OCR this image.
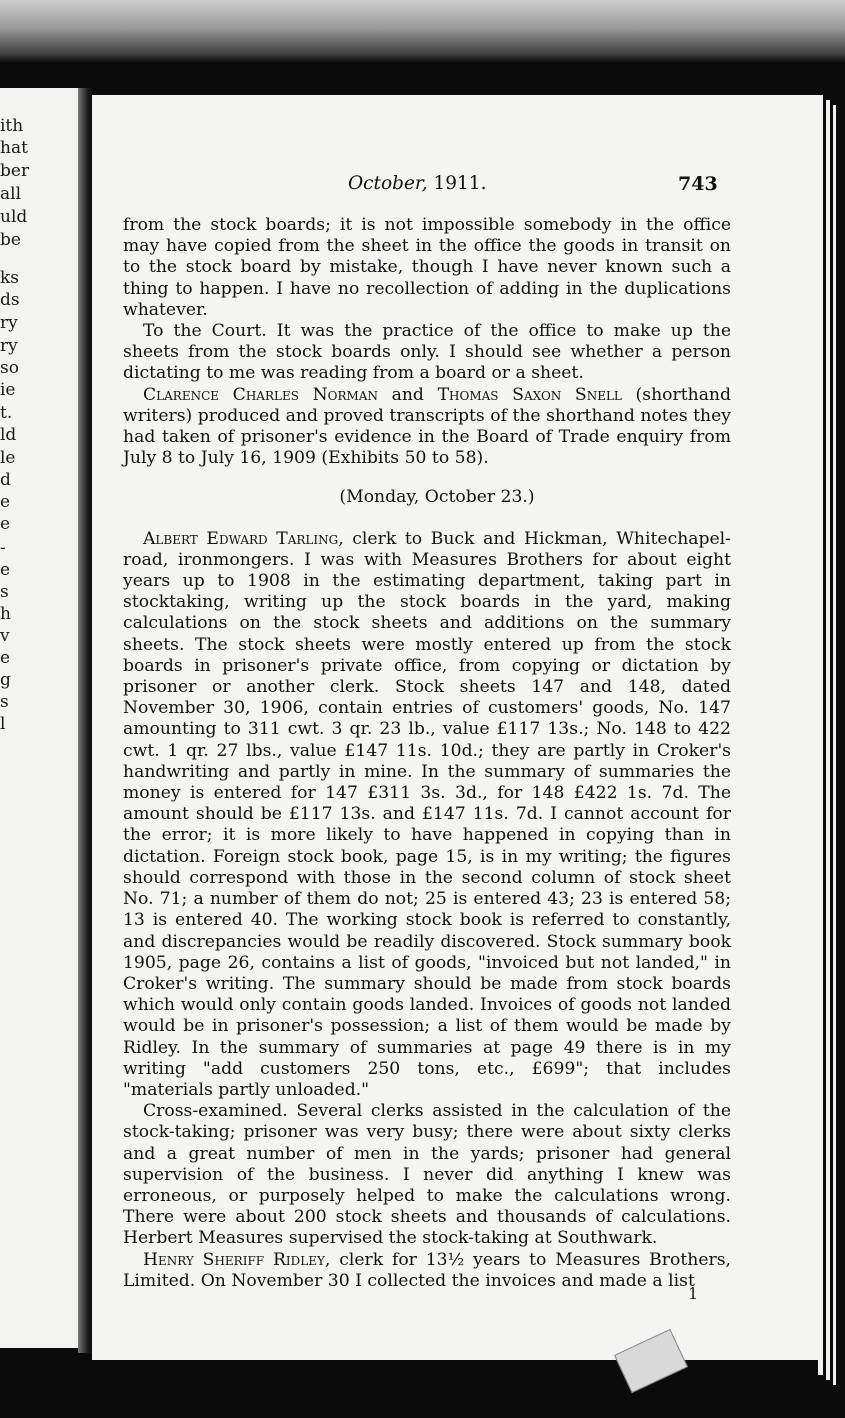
ith
hat
ber
all
uld
be
ks
ds
ry
ry
so
ie
t.
ld
le
d
e
e
-
e
s
h
v
e
g
s
l
October, 1911.	743

from the stock boards; it is not impossible somebody in the office may have copied from the sheet in the office the goods in transit on to the stock board by mistake, though I have never known such a thing to happen. I have no recollection of adding in the duplications whatever.

To the Court. It was the practice of the office to make up the sheets from the stock boards only. I should see whether a person dictating to me was reading from a board or a sheet.

Clarence Charles Norman and Thomas Saxon Snell (shorthand writers) produced and proved transcripts of the shorthand notes they had taken of prisoner's evidence in the Board of Trade enquiry from July 8 to July 16, 1909 (Exhibits 50 to 58).

(Monday, October 23.)

Albert Edward Tarling, clerk to Buck and Hickman, Whitechapel-road, ironmongers. I was with Measures Brothers for about eight years up to 1908 in the estimating department, taking part in stocktaking, writing up the stock boards in the yard, making calculations on the stock sheets and additions on the summary sheets. The stock sheets were mostly entered up from the stock boards in prisoner's private office, from copying or dictation by prisoner or another clerk. Stock sheets 147 and 148, dated November 30, 1906, contain entries of customers' goods, No. 147 amounting to 311 cwt. 3 qr. 23 lb., value £117 13s.; No. 148 to 422 cwt. 1 qr. 27 lbs., value £147 11s. 10d.; they are partly in Croker's handwriting and partly in mine. In the summary of summaries the money is entered for 147 £311 3s. 3d., for 148 £422 1s. 7d. The amount should be £117 13s. and £147 11s. 7d. I cannot account for the error; it is more likely to have happened in copying than in dictation. Foreign stock book, page 15, is in my writing; the figures should correspond with those in the second column of stock sheet No. 71; a number of them do not; 25 is entered 43; 23 is entered 58; 13 is entered 40. The working stock book is referred to constantly, and discrepancies would be readily discovered. Stock summary book 1905, page 26, contains a list of goods, "invoiced but not landed," in Croker's writing. The summary should be made from stock boards which would only contain goods landed. Invoices of goods not landed would be in prisoner's possession; a list of them would be made by Ridley. In the summary of summaries at page 49 there is in my writing "add customers 250 tons, etc., £699"; that includes "materials partly unloaded."

Cross-examined. Several clerks assisted in the calculation of the stock-taking; prisoner was very busy; there were about sixty clerks and a great number of men in the yards; prisoner had general supervision of the business. I never did anything I knew was erroneous, or purposely helped to make the calculations wrong. There were about 200 stock sheets and thousands of calculations. Herbert Measures supervised the stock-taking at Southwark.

Henry Sheriff Ridley, clerk for 13½ years to Measures Brothers, Limited. On November 30 I collected the invoices and made a list

1
